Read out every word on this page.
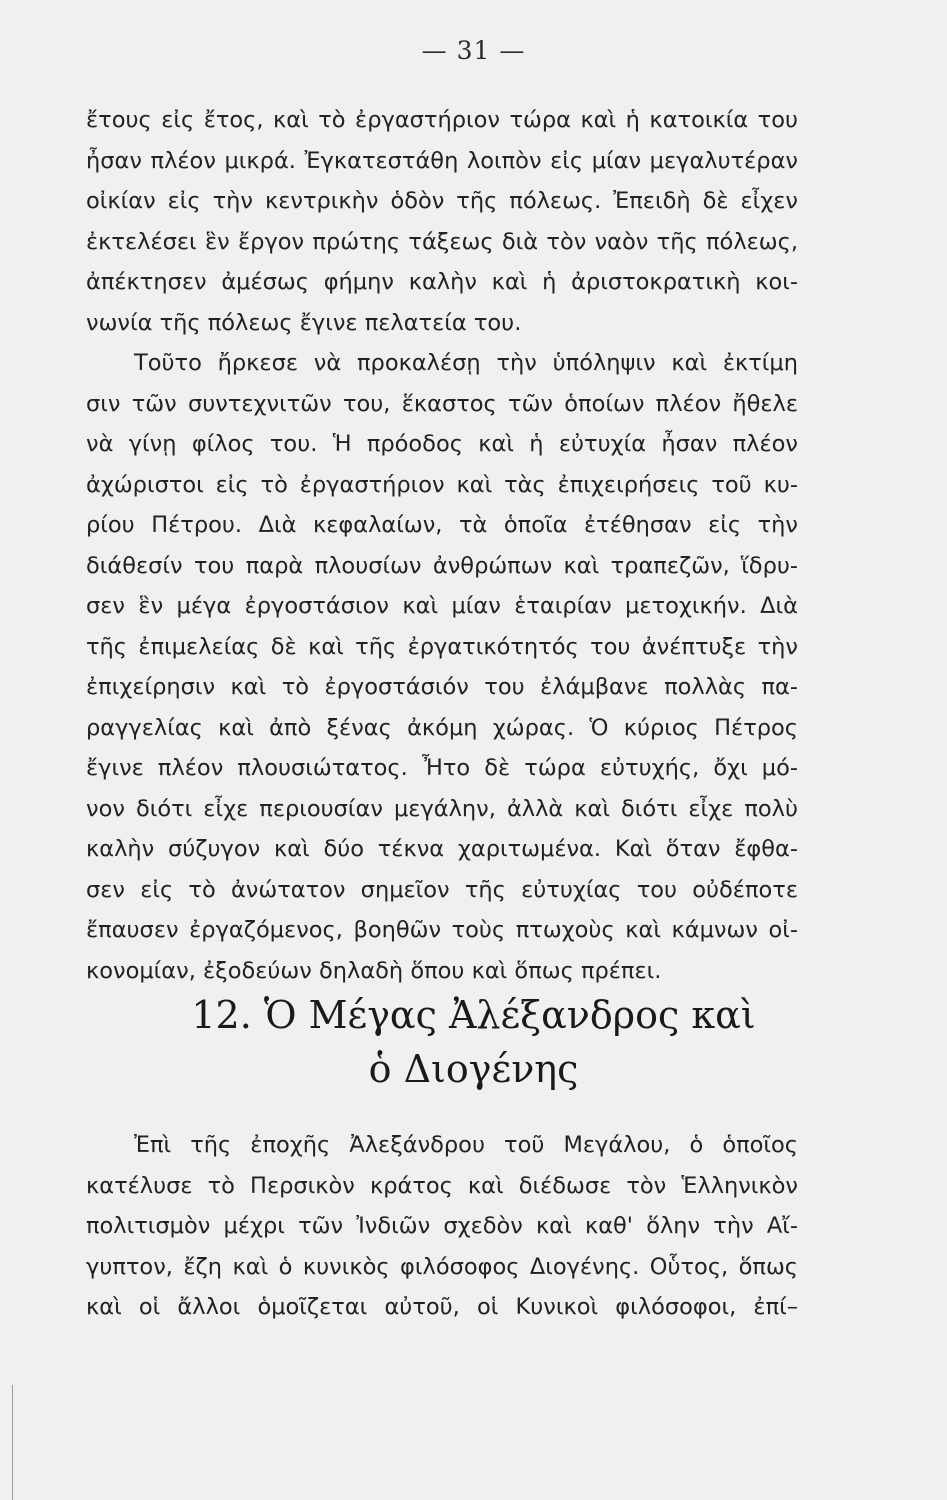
— 31 —
ἔτους εἰς ἔτος, καὶ τὸ ἐργαστήριον τώρα καὶ ἡ κατοικία του
ἦσαν πλέον μικρά. Ἐγκατεστάθη λοιπὸν εἰς μίαν μεγαλυτέραν
οἰκίαν εἰς τὴν κεντρικὴν ὁδὸν τῆς πόλεως. Ἐπειδὴ δὲ εἶχεν
ἐκτελέσει ἓν ἔργον πρώτης τάξεως διὰ τὸν ναὸν τῆς πόλεως,
ἀπέκτησεν ἀμέσως φήμην καλὴν καὶ ἡ ἀριστοκρατικὴ κοι-
νωνία τῆς πόλεως ἔγινε πελατεία του.
Τοῦτο ἤρκεσε νὰ προκαλέσῃ τὴν ὑπόληψιν καὶ ἐκτίμη
σιν τῶν συντεχνιτῶν του, ἕκαστος τῶν ὁποίων πλέον ἤθελε
νὰ γίνῃ φίλος του. Ἡ πρόοδος καὶ ἡ εὐτυχία ἦσαν πλέον
ἀχώριστοι εἰς τὸ ἐργαστήριον καὶ τὰς ἐπιχειρήσεις τοῦ κυ-
ρίου Πέτρου. Διὰ κεφαλαίων, τὰ ὁποῖα ἐτέθησαν εἰς τὴν
διάθεσίν του παρὰ πλουσίων ἀνθρώπων καὶ τραπεζῶν, ἵδρυ-
σεν ἓν μέγα ἐργοστάσιον καὶ μίαν ἑταιρίαν μετοχικήν. Διὰ
τῆς ἐπιμελείας δὲ καὶ τῆς ἐργατικότητός του ἀνέπτυξε τὴν
ἐπιχείρησιν καὶ τὸ ἐργοστάσιόν του ἐλάμβανε πολλὰς πα-
ραγγελίας καὶ ἀπὸ ξένας ἀκόμη χώρας. Ὁ κύριος Πέτρος
ἔγινε πλέον πλουσιώτατος. Ἦτο δὲ τώρα εὐτυχής, ὄχι μό-
νον διότι εἶχε περιουσίαν μεγάλην, ἀλλὰ καὶ διότι εἶχε πολὺ
καλὴν σύζυγον καὶ δύο τέκνα χαριτωμένα. Καὶ ὅταν ἔφθα-
σεν εἰς τὸ ἀνώτατον σημεῖον τῆς εὐτυχίας του οὐδέποτε
ἔπαυσεν ἐργαζόμενος, βοηθῶν τοὺς πτωχοὺς καὶ κάμνων οἰ-
κονομίαν, ἐξοδεύων δηλαδὴ ὅπου καὶ ὅπως πρέπει.
12. Ὁ Μέγας Ἀλέξανδρος καὶ
ὁ Διογένης
Ἐπὶ τῆς ἐποχῆς Ἀλεξάνδρου τοῦ Μεγάλου, ὁ ὁποῖος
κατέλυσε τὸ Περσικὸν κράτος καὶ διέδωσε τὸν Ἑλληνικὸν
πολιτισμὸν μέχρι τῶν Ἰνδιῶν σχεδὸν καὶ καθ' ὅλην τὴν Αἴ-
γυπτον, ἔζη καὶ ὁ κυνικὸς φιλόσοφος Διογένης. Οὗτος, ὅπως
καὶ οἱ ἄλλοι ὁμοῖζεται αὐτοῦ, οἱ Κυνικοὶ φιλόσοφοι, ἐπί–
